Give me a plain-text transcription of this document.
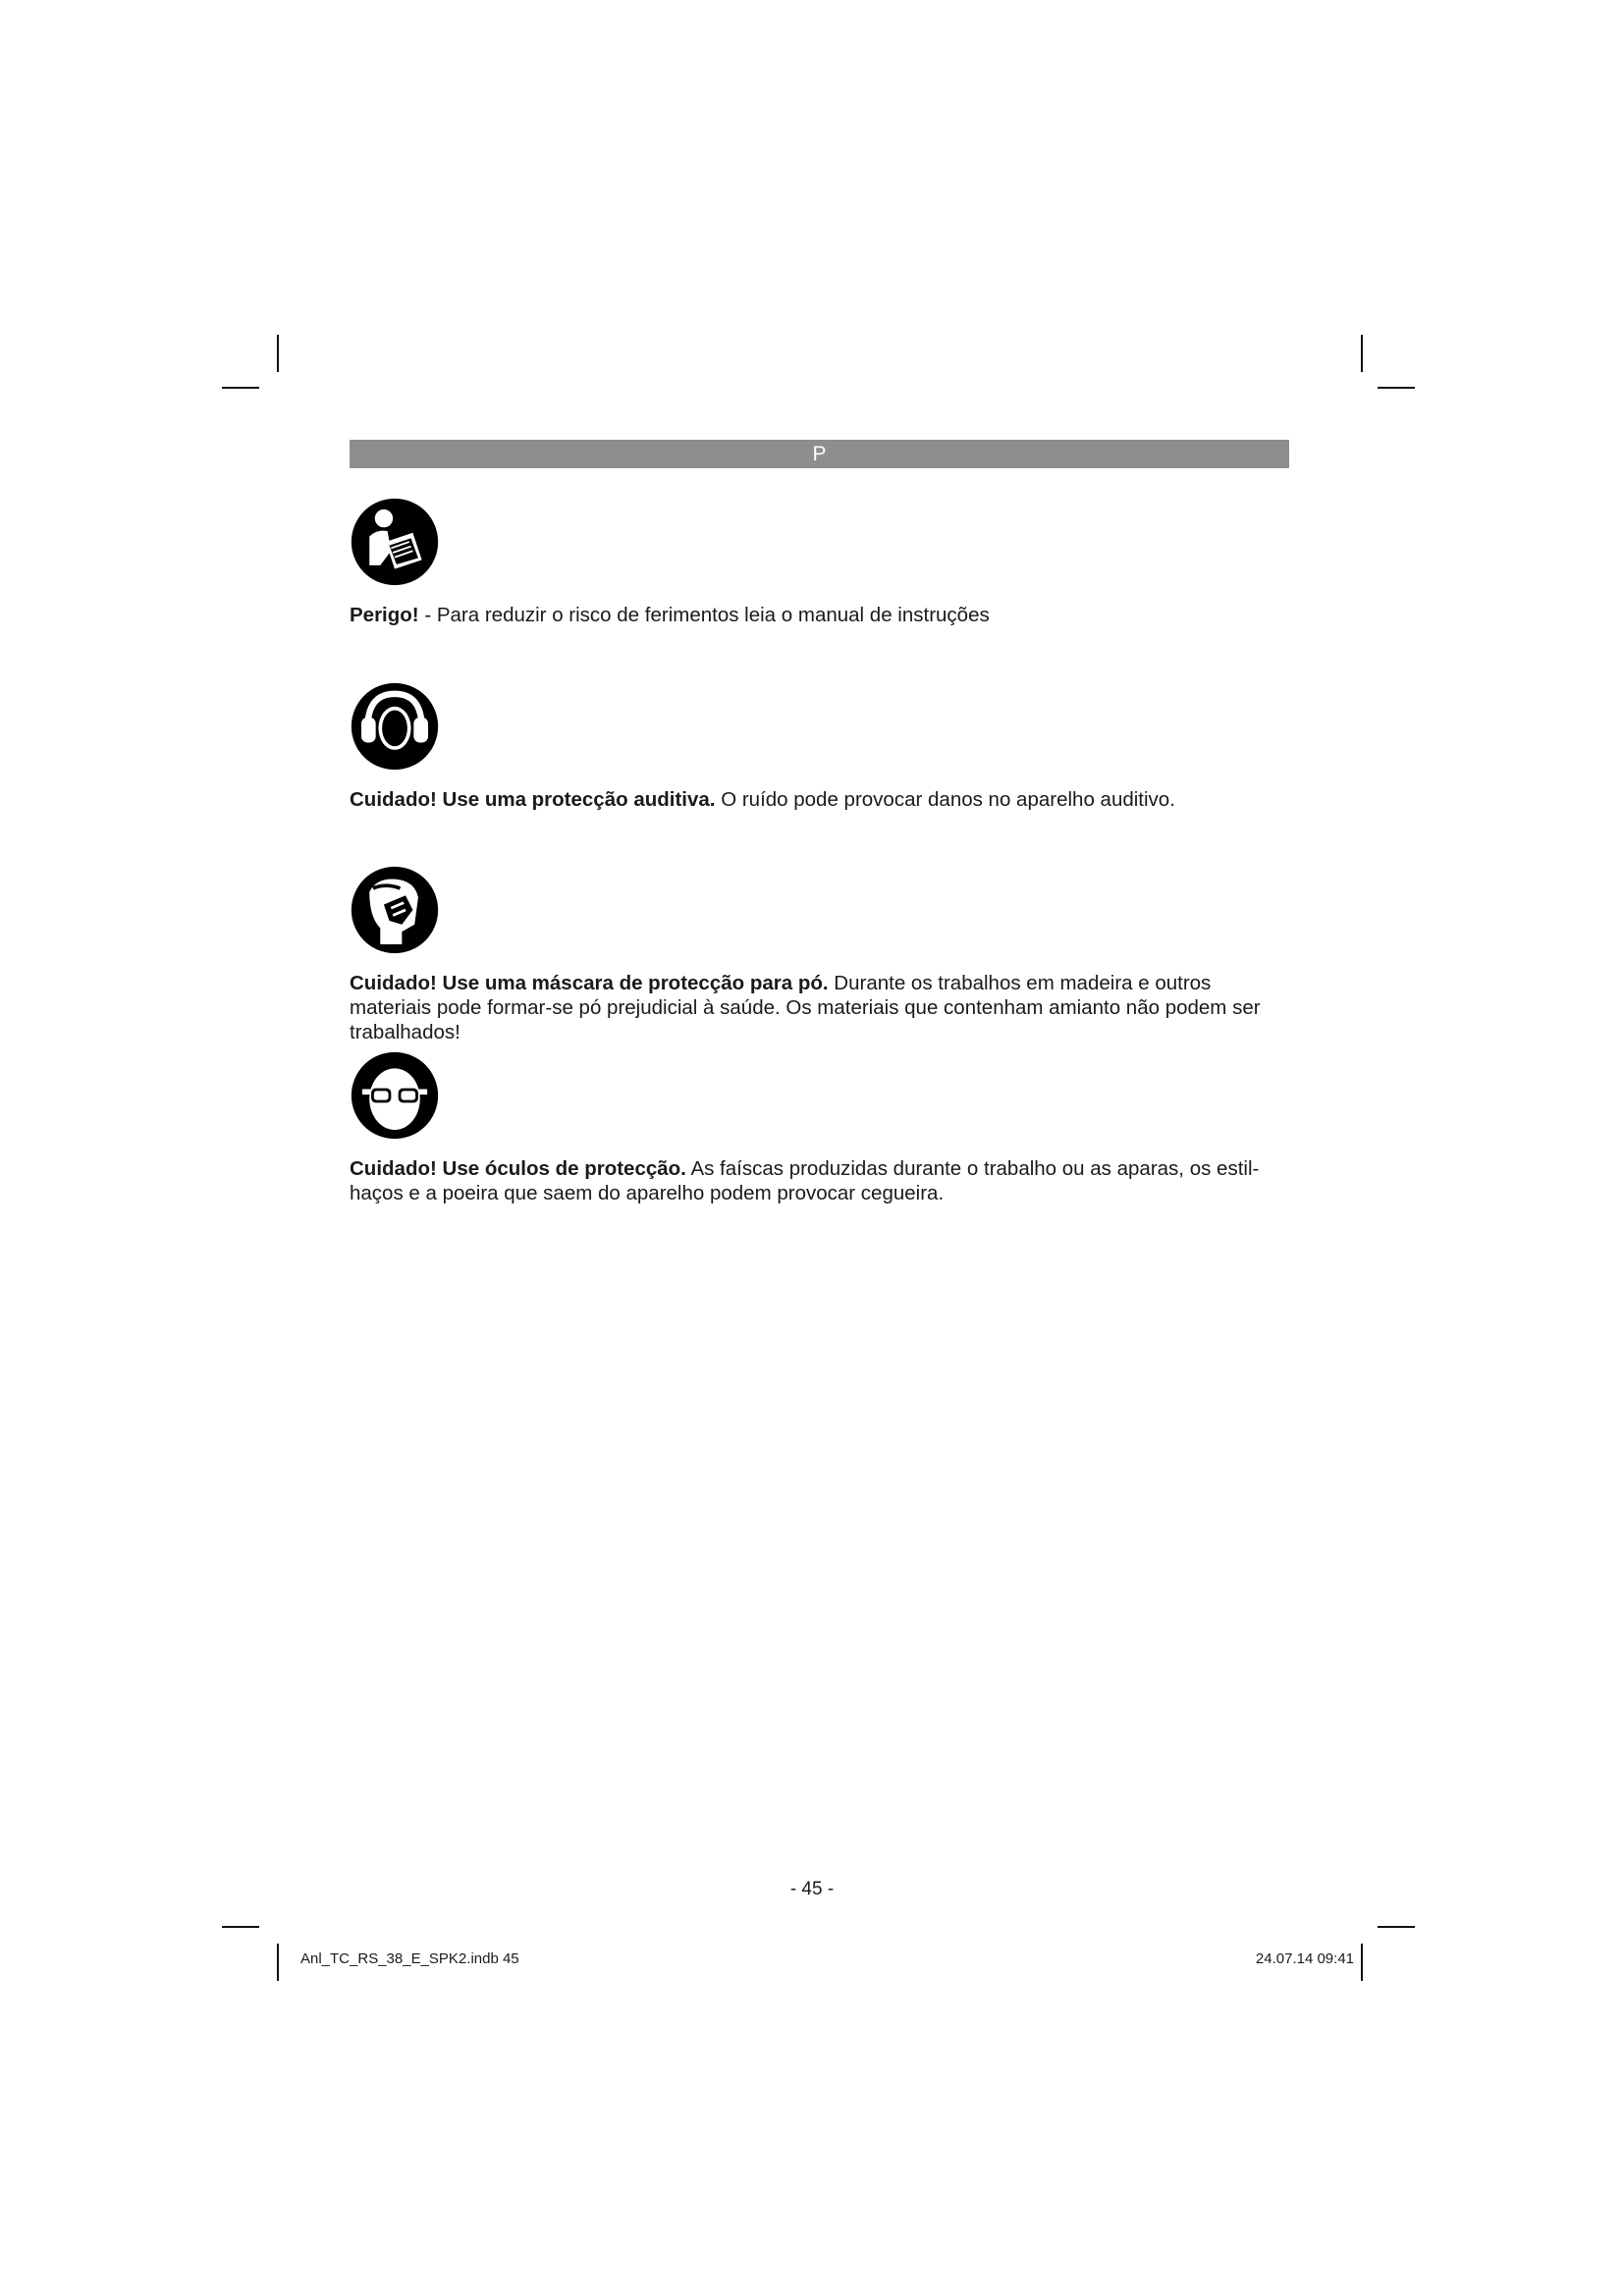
P
Perigo! - Para reduzir o risco de ferimentos leia o manual de instruções
Cuidado! Use uma protecção auditiva. O ruído pode provocar danos no aparelho auditivo.
Cuidado! Use uma máscara de protecção para pó. Durante os trabalhos em madeira e outros materiais pode formar-se pó prejudicial à saúde. Os materiais que contenham amianto não podem ser trabalhados!
Cuidado! Use óculos de protecção. As faíscas produzidas durante o trabalho ou as aparas, os estil-haços e a poeira que saem do aparelho podem provocar cegueira.
- 45 -
Anl_TC_RS_38_E_SPK2.indb 45	24.07.14 09:41
